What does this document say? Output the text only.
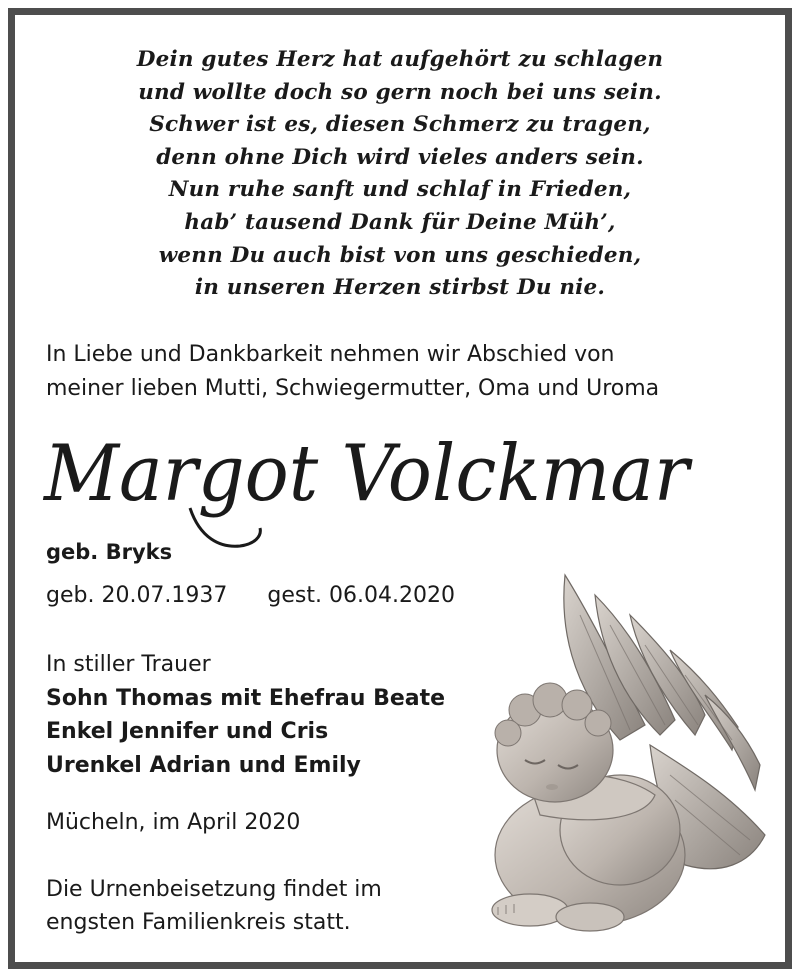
Dein gutes Herz hat aufgehört zu schlagen
und wollte doch so gern noch bei uns sein.
Schwer ist es, diesen Schmerz zu tragen,
denn ohne Dich wird vieles anders sein.
Nun ruhe sanft und schlaf in Frieden,
hab’ tausend Dank für Deine Müh’,
wenn Du auch bist von uns geschieden,
in unseren Herzen stirbst Du nie.
In Liebe und Dankbarkeit nehmen wir Abschied von
meiner lieben Mutti, Schwiegermutter, Oma und Uroma
Margot Volckmar
geb. Bryks
geb. 20.07.1937 gest. 06.04.2020
In stiller Trauer
Sohn Thomas mit Ehefrau Beate
Enkel Jennifer und Cris
Urenkel Adrian und Emily
Mücheln, im April 2020
Die Urnenbeisetzung findet im
engsten Familienkreis statt.
